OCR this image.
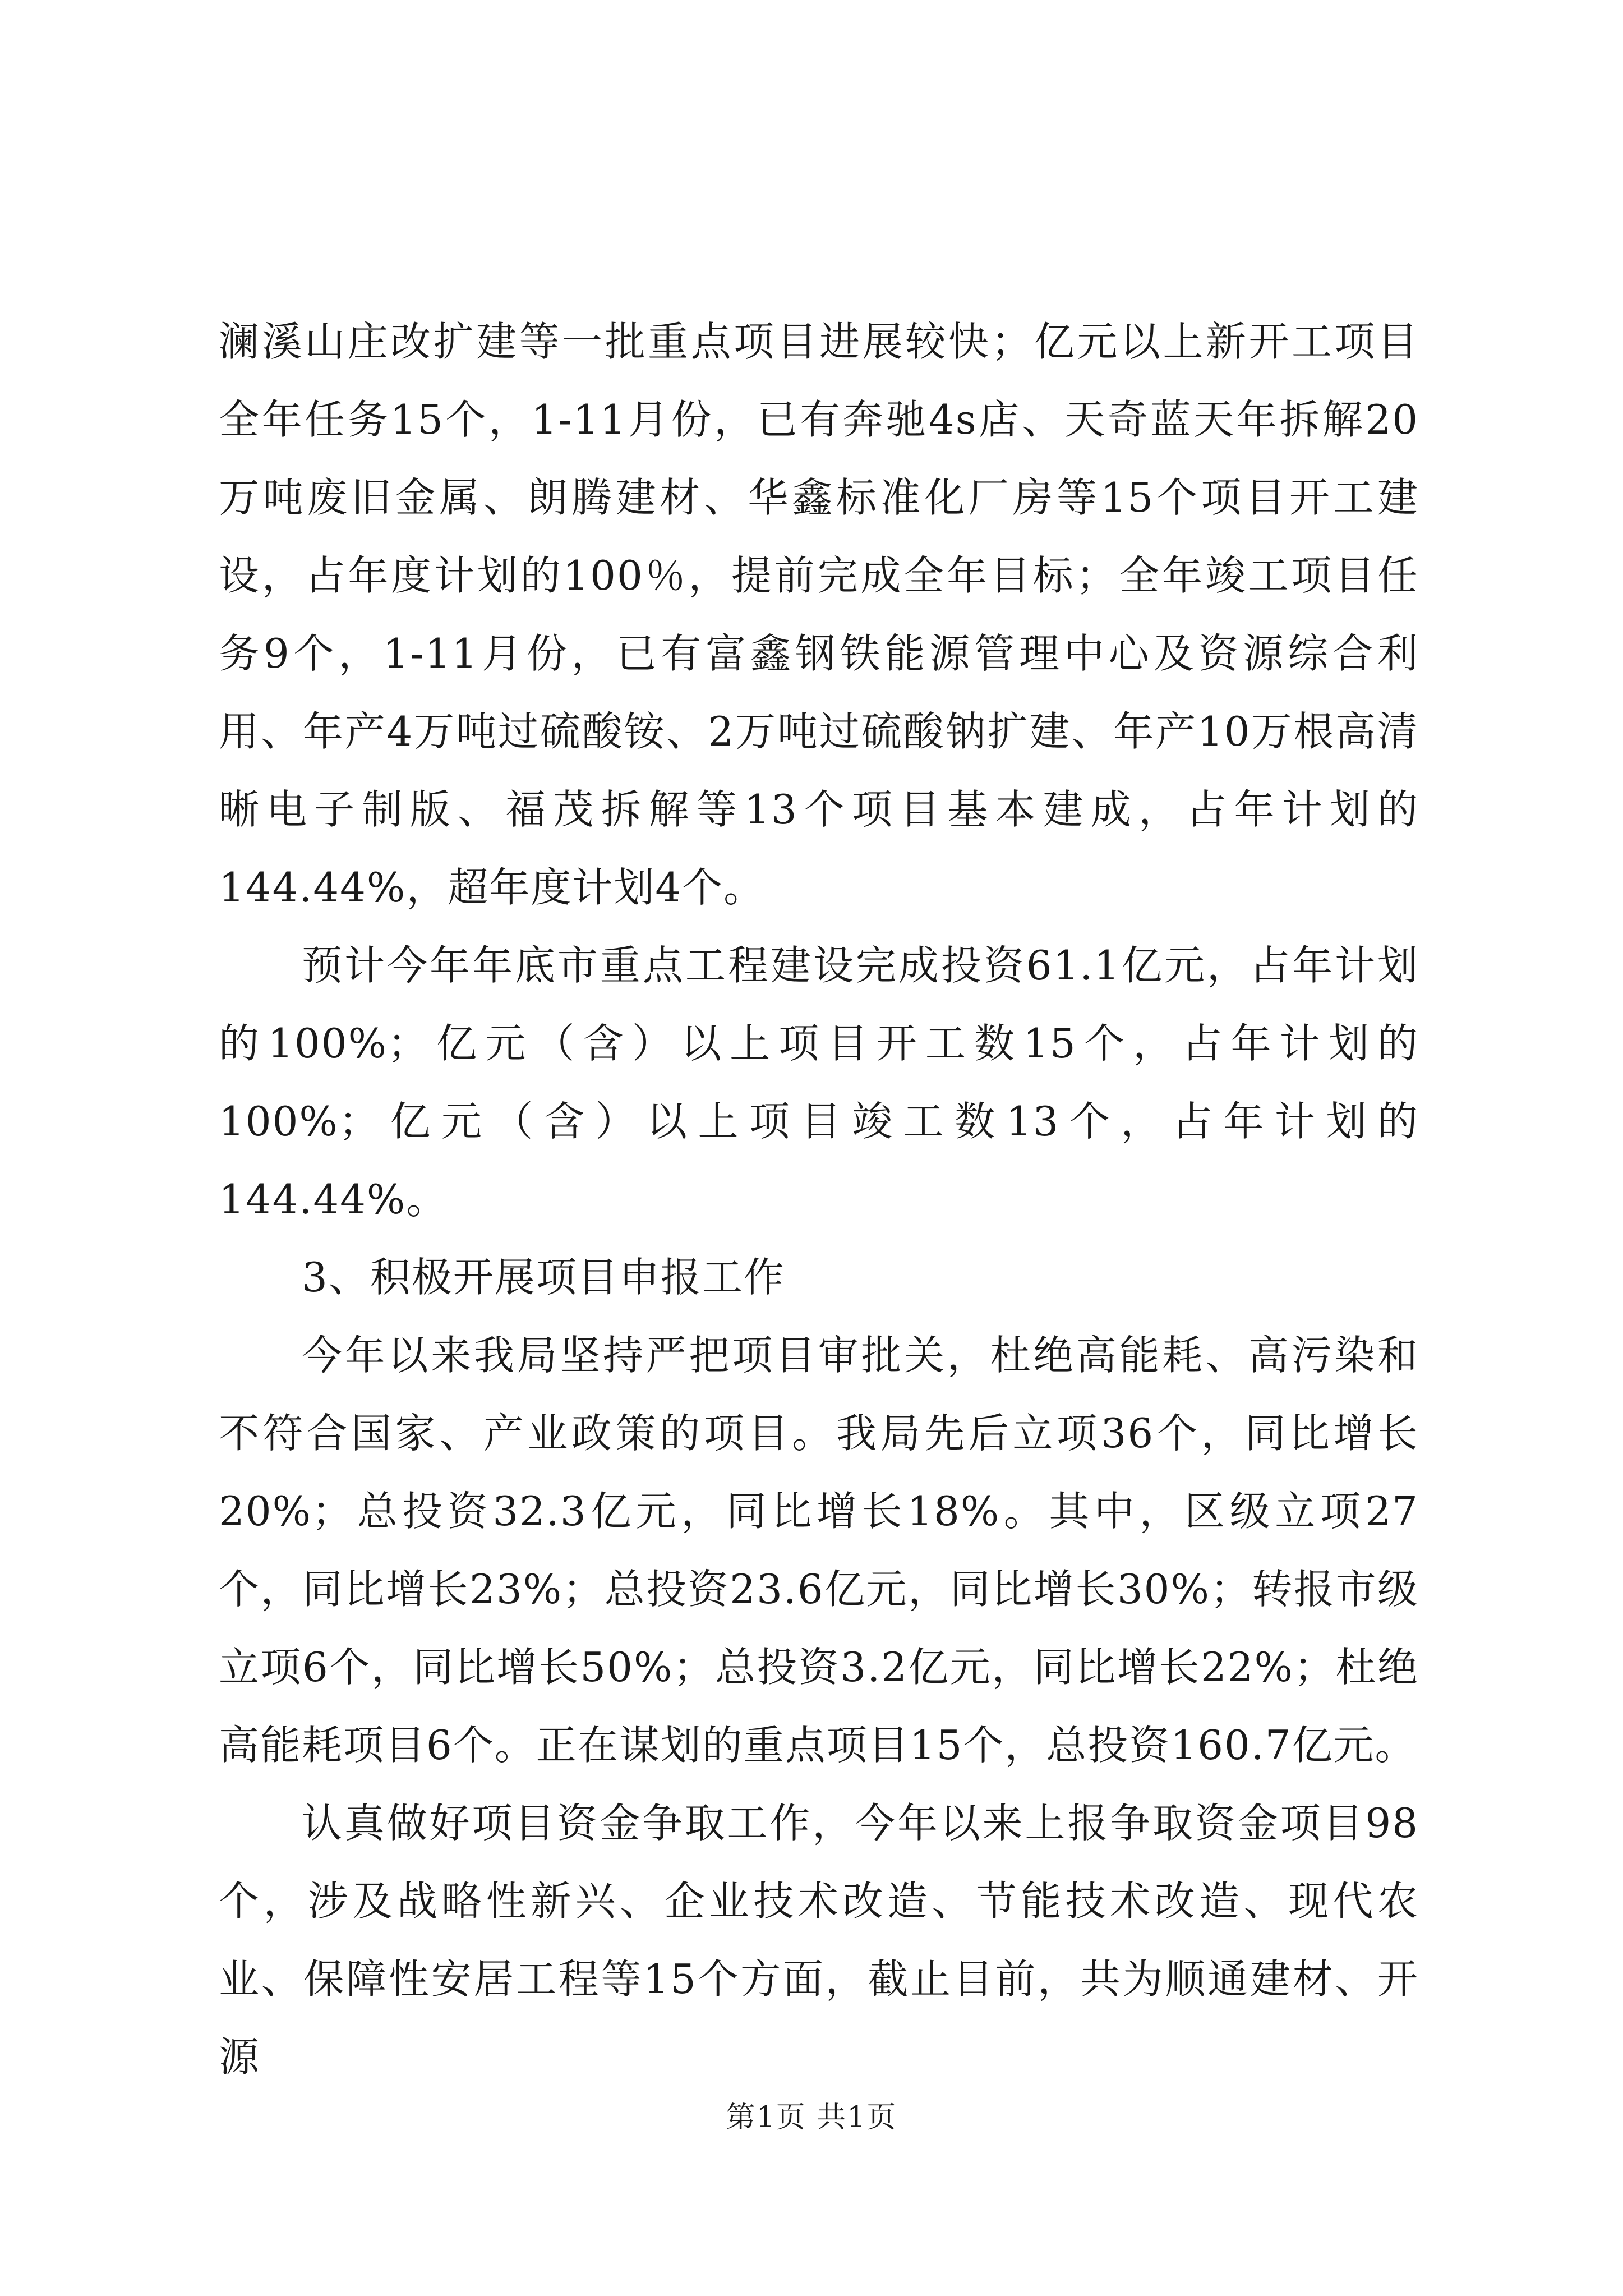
澜溪山庄改扩建等一批重点项目进展较快；亿元以上新开工项目全年任务15个，1-11月份，已有奔驰4s店、天奇蓝天年拆解20万吨废旧金属、朗腾建材、华鑫标准化厂房等15个项目开工建设，占年度计划的100％，提前完成全年目标；全年竣工项目任务9个，1-11月份，已有富鑫钢铁能源管理中心及资源综合利用、年产4万吨过硫酸铵、2万吨过硫酸钠扩建、年产10万根高清晰电子制版、福茂拆解等13个项目基本建成，占年计划的144.44%，超年度计划4个。

预计今年年底市重点工程建设完成投资61.1亿元，占年计划的100%；亿元（含）以上项目开工数15个，占年计划的100%；亿元（含）以上项目竣工数13个，占年计划的144.44%。

3、积极开展项目申报工作

今年以来我局坚持严把项目审批关，杜绝高能耗、高污染和不符合国家、产业政策的项目。我局先后立项36个，同比增长20%；总投资32.3亿元，同比增长18%。其中，区级立项27个，同比增长23%；总投资23.6亿元，同比增长30%；转报市级立项6个，同比增长50%；总投资3.2亿元，同比增长22%；杜绝高能耗项目6个。正在谋划的重点项目15个，总投资160.7亿元。

认真做好项目资金争取工作，今年以来上报争取资金项目98个，涉及战略性新兴、企业技术改造、节能技术改造、现代农业、保障性安居工程等15个方面，截止目前，共为顺通建材、开源

第1页 共1页
